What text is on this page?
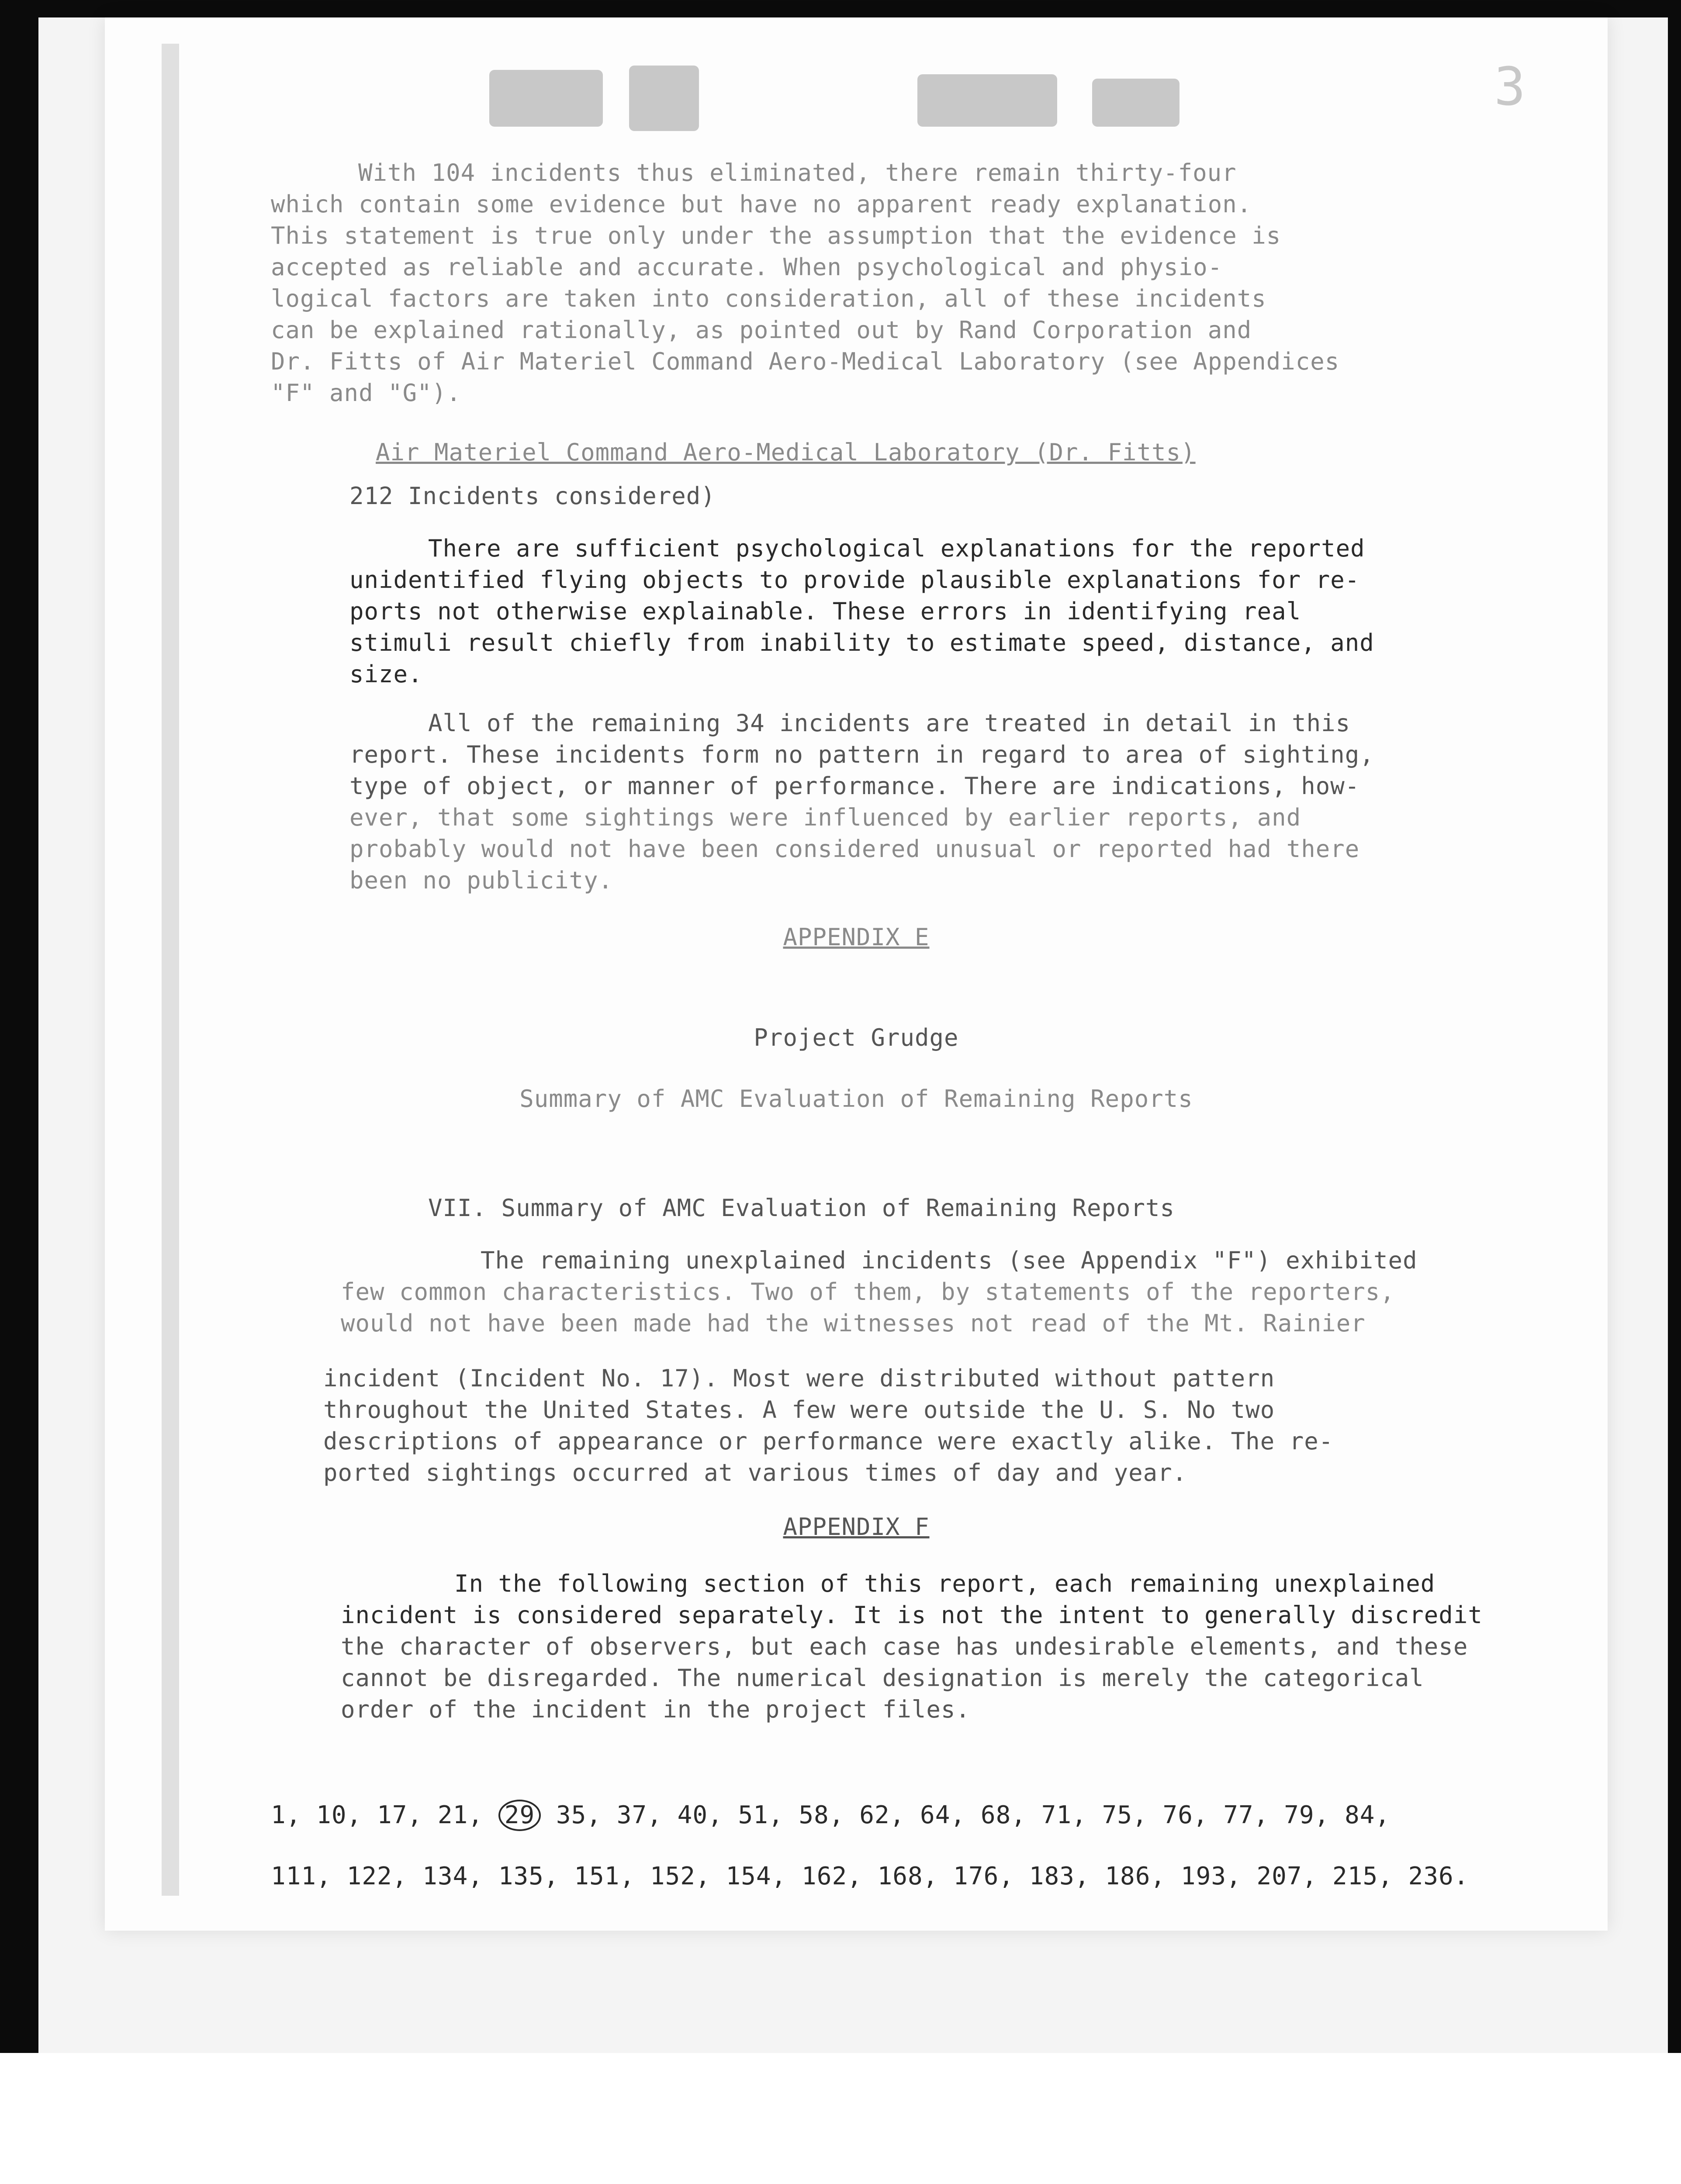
3
With 104 incidents thus eliminated, there remain thirty-four
which contain some evidence but have no apparent ready explanation.
This statement is true only under the assumption that the evidence is
accepted as reliable and accurate. When psychological and physio-
logical factors are taken into consideration, all of these incidents
can be explained rationally, as pointed out by Rand Corporation and
Dr. Fitts of Air Materiel Command Aero-Medical Laboratory (see Appendices
"F" and "G").
Air Materiel Command Aero-Medical Laboratory (Dr. Fitts)
212 Incidents considered)
There are sufficient psychological explanations for the reported
unidentified flying objects to provide plausible explanations for re-
ports not otherwise explainable. These errors in identifying real
stimuli result chiefly from inability to estimate speed, distance, and
size.
All of the remaining 34 incidents are treated in detail in this
report. These incidents form no pattern in regard to area of sighting,
type of object, or manner of performance. There are indications, how-
ever, that some sightings were influenced by earlier reports, and
probably would not have been considered unusual or reported had there
been no publicity.
APPENDIX E
Project Grudge
Summary of AMC Evaluation of Remaining Reports
VII. Summary of AMC Evaluation of Remaining Reports
The remaining unexplained incidents (see Appendix "F") exhibited
few common characteristics. Two of them, by statements of the reporters,
would not have been made had the witnesses not read of the Mt. Rainier
incident (Incident No. 17). Most were distributed without pattern
throughout the United States. A few were outside the U. S. No two
descriptions of appearance or performance were exactly alike. The re-
ported sightings occurred at various times of day and year.
APPENDIX F
In the following section of this report, each remaining unexplained
incident is considered separately. It is not the intent to generally discredit
the character of observers, but each case has undesirable elements, and these
cannot be disregarded. The numerical designation is merely the categorical
order of the incident in the project files.
1, 10, 17, 21, 29 35, 37, 40, 51, 58, 62, 64, 68, 71, 75, 76, 77, 79, 84,
111, 122, 134, 135, 151, 152, 154, 162, 168, 176, 183, 186, 193, 207, 215, 236.
